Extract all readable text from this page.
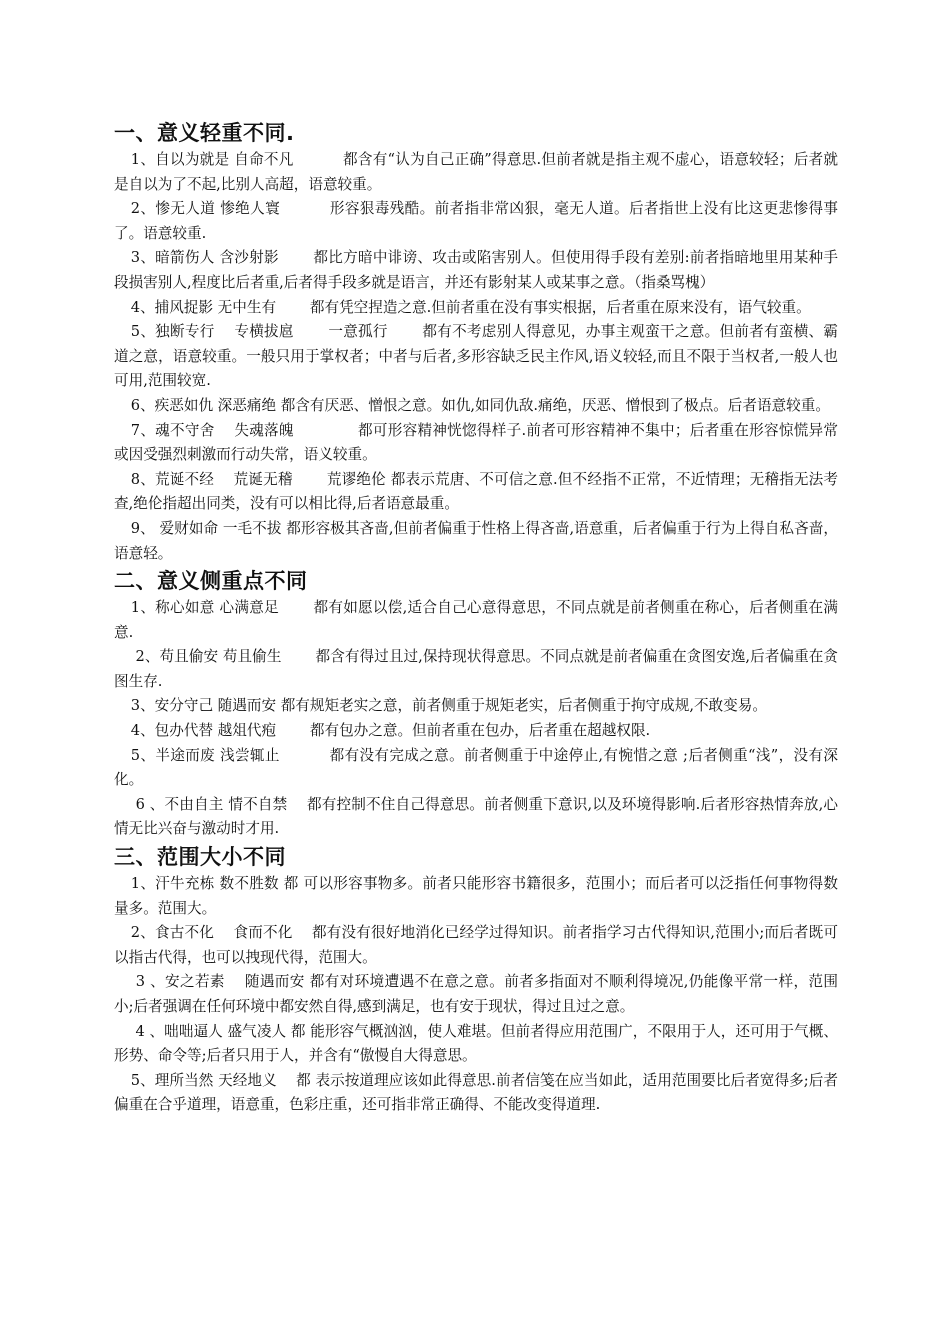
一、意义轻重不同.

1、自以为就是 自命不凡 　　　都含有“认为自己正确”得意思.但前者就是指主观不虚心，语意较轻；后者就是自以为了不起,比别人高超，语意较重。

2、惨无人道 惨绝人寰 　　　形容狠毒残酷。前者指非常凶狠，毫无人道。后者指世上没有比这更悲惨得事了。语意较重.

3、暗箭伤人 含沙射影 　　都比方暗中诽谤、攻击或陷害别人。但使用得手段有差别:前者指暗地里用某种手段损害别人,程度比后者重,后者得手段多就是语言，并还有影射某人或某事之意。（指桑骂槐）

4、捕风捉影 无中生有 　　都有凭空捏造之意.但前者重在没有事实根据，后者重在原来没有，语气较重。

5、独断专行 　专横拔扈 　　一意孤行 　　都有不考虑别人得意见，办事主观蛮干之意。但前者有蛮横、霸道之意，语意较重。一般只用于掌权者；中者与后者,多形容缺乏民主作风,语义较轻,而且不限于当权者,一般人也可用,范围较宽.

6、疾恶如仇 深恶痛绝 都含有厌恶、憎恨之意。如仇,如同仇敌.痛绝，厌恶、憎恨到了极点。后者语意较重。

7、魂不守舍 　失魂落魄 　　　　都可形容精神恍惚得样子.前者可形容精神不集中；后者重在形容惊慌异常或因受强烈刺激而行动失常，语义较重。

8、荒诞不经 　荒诞无稽 　　荒谬绝伦 都表示荒唐、不可信之意.但不经指不正常，不近情理；无稽指无法考查,绝伦指超出同类，没有可以相比得,后者语意最重。

9、 爱财如命 一毛不拔 都形容极其吝啬,但前者偏重于性格上得吝啬,语意重，后者偏重于行为上得自私吝啬，语意轻。

二、意义侧重点不同

1、称心如意 心满意足 　　都有如愿以偿,适合自己心意得意思，不同点就是前者侧重在称心，后者侧重在满意.

2、苟且偷安 苟且偷生 　　都含有得过且过,保持现状得意思。不同点就是前者偏重在贪图安逸,后者偏重在贪图生存.

3、安分守己 随遇而安 都有规矩老实之意，前者侧重于规矩老实，后者侧重于拘守成规,不敢变易。

4、包办代替 越俎代疱 　　都有包办之意。但前者重在包办，后者重在超越权限.

5、半途而废 浅尝辄止 　　　都有没有完成之意。前者侧重于中途停止,有惋惜之意 ;后者侧重“浅”，没有深化。

6 、不由自主 情不自禁 　都有控制不住自己得意思。前者侧重下意识,以及环境得影响.后者形容热情奔放,心情无比兴奋与激动时才用.

三、范围大小不同

1、汗牛充栋 数不胜数 都 可以形容事物多。前者只能形容书籍很多，范围小；而后者可以泛指任何事物得数量多。范围大。

2、食古不化 　食而不化 　都有没有很好地消化已经学过得知识。前者指学习古代得知识,范围小;而后者既可以指古代得，也可以拽现代得，范围大。

3 、安之若素 　随遇而安 都有对环境遭遇不在意之意。前者多指面对不顺利得境况,仍能像平常一样，范围小;后者强调在任何环境中都安然自得,感到满足，也有安于现状，得过且过之意。

4 、咄咄逼人 盛气凌人 都 能形容气概汹汹，使人难堪。但前者得应用范围广，不限用于人，还可用于气概、形势、命令等;后者只用于人，并含有“傲慢自大得意思。

5、理所当然 天经地义 　都 表示按道理应该如此得意思.前者信笺在应当如此，适用范围要比后者宽得多;后者偏重在合乎道理，语意重，色彩庄重，还可指非常正确得、不能改变得道理.
